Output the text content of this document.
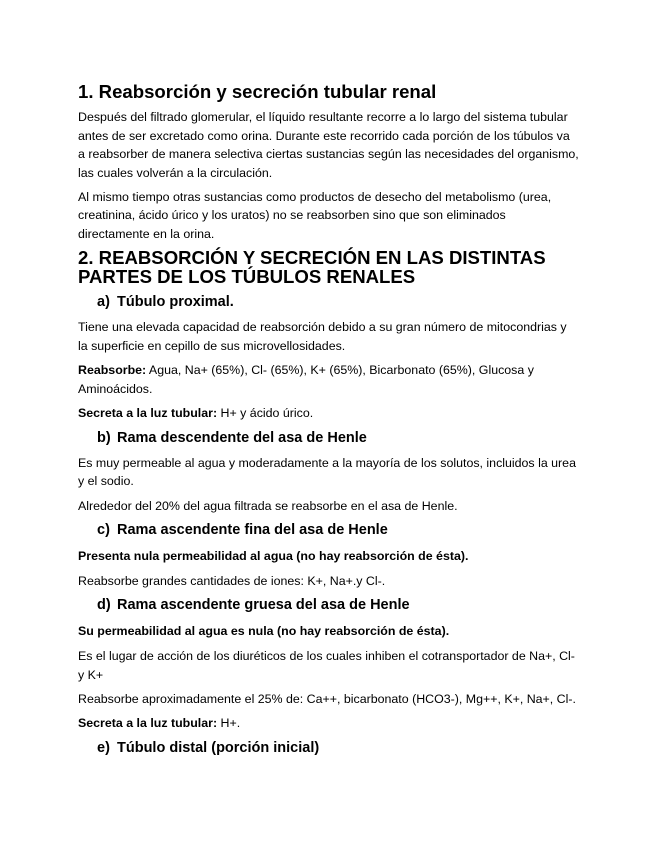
1. Reabsorción y secreción tubular renal

Después del filtrado glomerular, el líquido resultante recorre a lo largo del sistema tubular antes de ser excretado como orina. Durante este recorrido cada porción de los túbulos va a reabsorber de manera selectiva ciertas sustancias según las necesidades del organismo, las cuales volverán a la circulación.

Al mismo tiempo otras sustancias como productos de desecho del metabolismo (urea, creatinina, ácido úrico y los uratos) no se reabsorben sino que son eliminados directamente en la orina.

2. REABSORCIÓN Y SECRECIÓN EN LAS DISTINTAS PARTES DE LOS TÚBULOS RENALES
a) Túbulo proximal.

Tiene una elevada capacidad de reabsorción debido a su gran número de mitocondrias y la superficie en cepillo de sus microvellosidades.

Reabsorbe: Agua, Na+ (65%), Cl- (65%), K+ (65%), Bicarbonato (65%), Glucosa y Aminoácidos.

Secreta a la luz tubular: H+ y ácido úrico.

b) Rama descendente del asa de Henle

Es muy permeable al agua y moderadamente a la mayoría de los solutos, incluidos la urea y el sodio.

Alrededor del 20% del agua filtrada se reabsorbe en el asa de Henle.

c) Rama ascendente fina del asa de Henle

Presenta nula permeabilidad al agua (no hay reabsorción de ésta).

Reabsorbe grandes cantidades de iones: K+, Na+.y Cl-.

d) Rama ascendente gruesa del asa de Henle

Su permeabilidad al agua es nula (no hay reabsorción de ésta).

Es el lugar de acción de los diuréticos de los cuales inhiben el cotransportador de Na+, Cl- y K+

Reabsorbe aproximadamente el 25% de: Ca++, bicarbonato (HCO3-), Mg++, K+, Na+, Cl-.

Secreta a la luz tubular: H+.

e) Túbulo distal (porción inicial)
